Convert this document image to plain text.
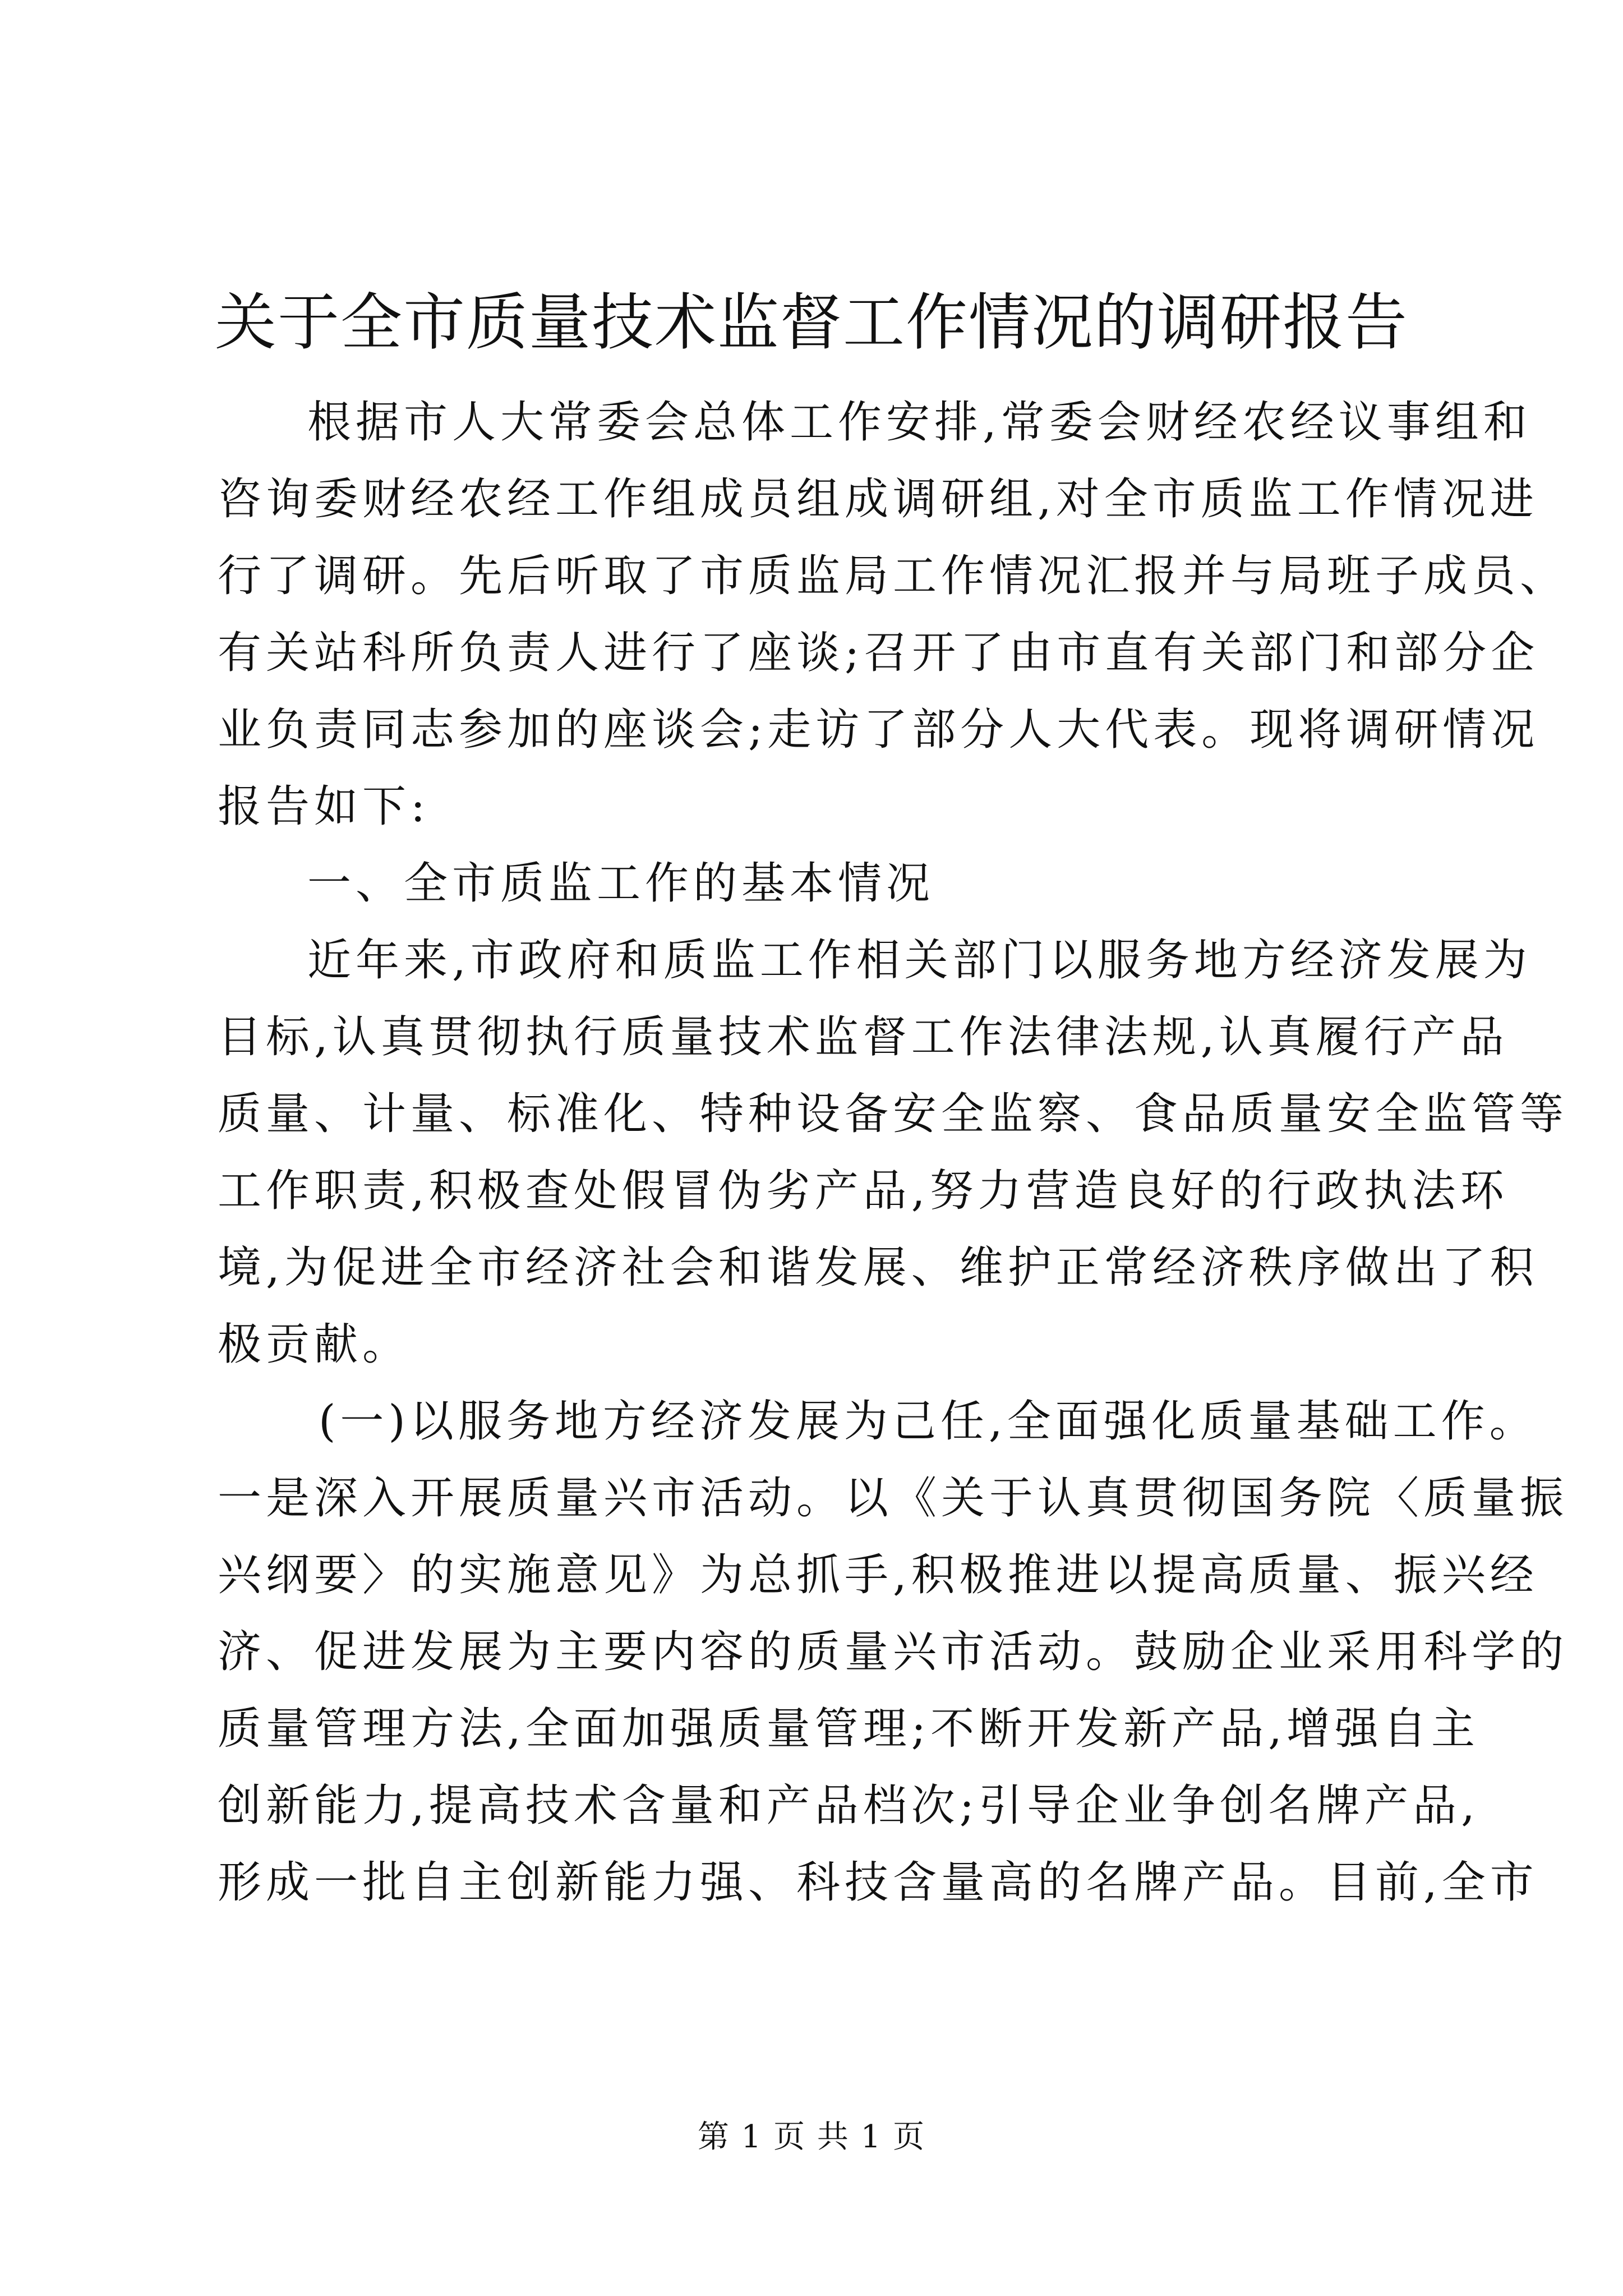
关于全市质量技术监督工作情况的调研报告
根据市人大常委会总体工作安排,常委会财经农经议事组和
咨询委财经农经工作组成员组成调研组,对全市质监工作情况进
行了调研。先后听取了市质监局工作情况汇报并与局班子成员、
有关站科所负责人进行了座谈;召开了由市直有关部门和部分企
业负责同志参加的座谈会;走访了部分人大代表。现将调研情况
报告如下:
一、全市质监工作的基本情况
近年来,市政府和质监工作相关部门以服务地方经济发展为
目标,认真贯彻执行质量技术监督工作法律法规,认真履行产品
质量、计量、标准化、特种设备安全监察、食品质量安全监管等
工作职责,积极查处假冒伪劣产品,努力营造良好的行政执法环
境,为促进全市经济社会和谐发展、维护正常经济秩序做出了积
极贡献。
(一)以服务地方经济发展为己任,全面强化质量基础工作。
一是深入开展质量兴市活动。以《关于认真贯彻国务院〈质量振
兴纲要〉的实施意见》为总抓手,积极推进以提高质量、振兴经
济、促进发展为主要内容的质量兴市活动。鼓励企业采用科学的
质量管理方法,全面加强质量管理;不断开发新产品,增强自主
创新能力,提高技术含量和产品档次;引导企业争创名牌产品,
形成一批自主创新能力强、科技含量高的名牌产品。目前,全市
第 1 页 共 1 页
